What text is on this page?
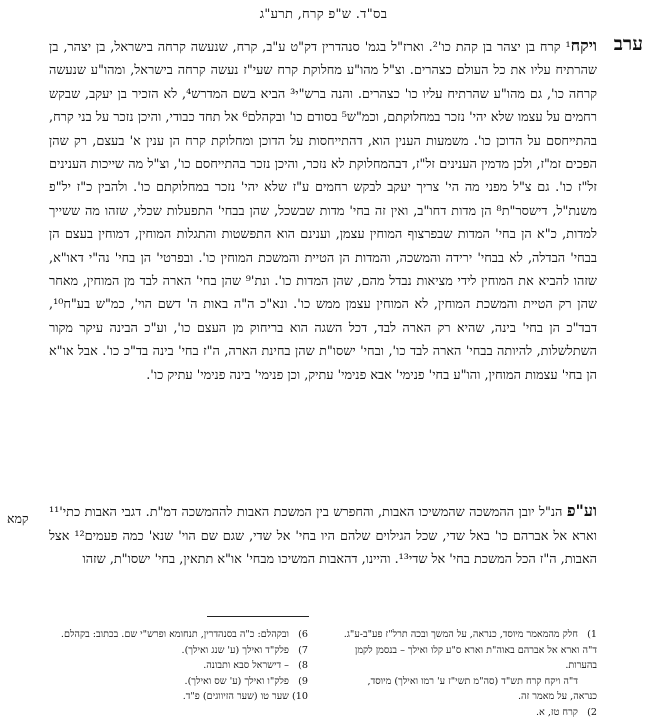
בס"ד. ש"פ קרח, תרע"ג
ערב
ויקח¹ קרח בן יצהר בן קהת כו'². וארז"ל בגמ' סנהדרין דק"ט ע"ב, קרח, שנעשה קרחה בישראל, בן יצהר, בן שהרתיח עליו את כל העולם כצהרים. וצ"ל מהו"ע מחלוקת קרח שעי"ז נעשה קרחה בישראל, ומהו"ע שנעשה קרחה כו', גם מהו"ע שהרתיח עליו כו' כצהרים. והנה ברש"י³ הביא בשם המדרש⁴, לא הזכיר בן יעקב, שבקש רחמים על עצמו שלא יהי' נזכר במחלוקתם, וכמ"ש⁵ בסודם כו' ובקהלם⁶ אל תחד כבודי, והיכן נזכר על בני קרח, בהתייחסם על הדוכן כו'. משמעות הענין הוא, דהתייחסות על הדוכן ומחלוקת קרח הן ענין א' בעצם, רק שהן הפכים זמ"ז, ולכן מדמין הענינים זל"ז, דבהמחלוקת לא נזכר, והיכן נזכר בהתייחסם כו', וצ"ל מה שייכות הענינים זל"ז כו'. גם צ"ל מפני מה הי' צריך יעקב לבקש רחמים ע"ז שלא יהי' נזכר במחלוקתם כו'. ולהבין כ"ז יל"פ משנת"ל, דישסר"ת⁸ הן מדות דחו"ב, ואין זה בחי' מדות שבשכל, שהן בבחי' התפעלות שכלי, שזהו מה ששייך למדות, כ"א הן בחי' המדות שבפרצוף המוחין עצמן, וענינם הוא התפשטות והתגלות המוחין, דמוחין בעצם הן בבחי' הבדלה, לא בבחי' ירידה והמשכה, והמדות הן הטיית והמשכת המוחין כו'. ובפרטי' הן בחי' נה"י דאו"א, שזהו להביא את המוחין לידי מציאות נבדל מהם, שהן המדות כו'. ונת'⁹ שהן בחי' הארה לבד מן המוחין, מאחר שהן רק הטיית והמשכת המוחין, לא המוחין עצמן ממש כו'. ונא"כ ה"ה באות ה' דשם הוי', כמ"ש בע"ח¹⁰, דבד"כ הן בחי' בינה, שהיא רק הארה לבד, דכל השגה הוא בריחוק מן העצם כו', וע"כ הבינה עיקר מקור השתלשלות, להיותה בבחי' הארה לבד כו', ובחי' ישסו"ת שהן בחינת הארה, ה"ז בחי' בינה בד"כ כו'. אבל או"א הן בחי' עצמות המוחין, והו"ע בחי' פנימי' אבא פנימי' עתיק, וכן פנימי' בינה פנימי' עתיק כו'.
קמא	וע"פ הנ"ל יובן ההמשכה שהמשיכו האבות, והחפרש בין המשכת האבות לההמשכה דמ"ת. דגבי האבות כתי'¹¹ וארא אל אברהם כו' באל שדי, שכל הגילוים שלהם היו בחי' אל שדי, שגם שם הוי' שנא' כמה פעמים¹² אצל האבות, ה"ז הכל המשכת בחי' אל שדי¹³. והיינו, דהאבות המשיכו מבחי' או"א תתאין, בחי' ישסו"ת, שזהו
1) חלק מהמאמר מיוסד, כנראה, על המשך ובכה תרל"ז פע"ב-ע"ג. ד"ה וארא אל אברהם באוה"ת וארא ס"ע קלו ואילך – בנסמן לקמן בהערות.
ד"ה ויקח קרח תש"ד (סה"מ תשי"ז ע' רמו ואילך) מיוסד, כנראה, על מאמר זה.
2) קרח טז, א.
6) ובקהלם: כ"ה בסנהדרין, תנחומא ופרש"י שם. בכתוב: בקהלם.
7) פלק"ד ואילך (ע' שנג ואילך).
8) – דישראל סבא ותבונה.
9) פלק"ו ואילך (ע' שס ואילך).
10) שער טו (שער הזיווגים) פ"ד.
